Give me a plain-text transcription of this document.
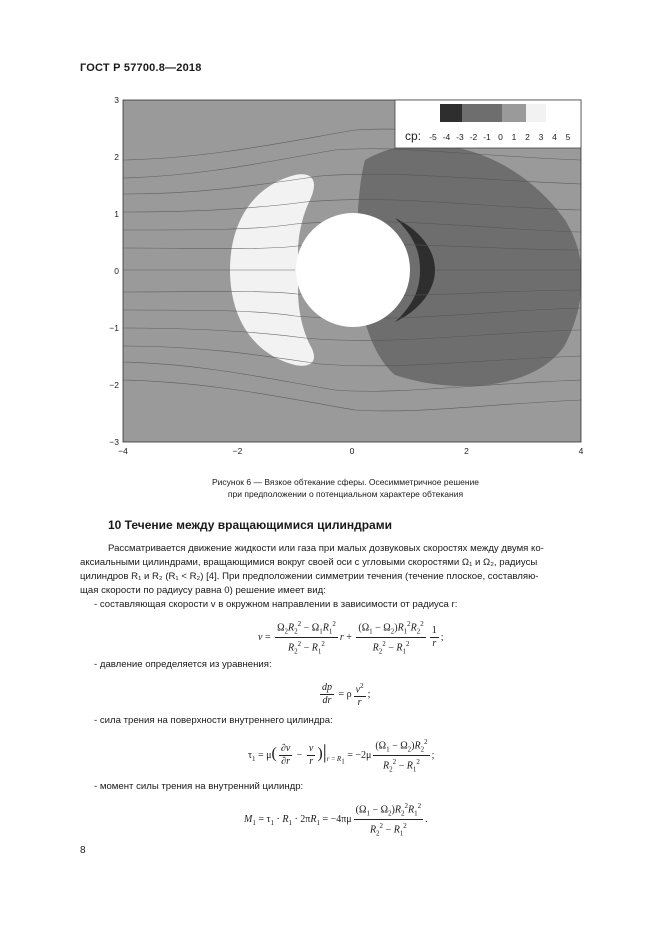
ГОСТ Р 57700.8—2018
cp: -5 -4 -3 -2 -1 0 1 2 3 4 5
−4	−2	0	2	4
3
2
1
0
−1
−2
−3
Рисунок 6 — Вязкое обтекание сферы. Осесимметричное решение
при предположении о потенциальном характере обтекания
10 Течение между вращающимися цилиндрами
Рассматривается движение жидкости или газа при малых дозвуковых скоростях между двумя ко-
аксиальными цилиндрами, вращающимися вокруг своей оси с угловыми скоростями Ω₁ и Ω₂, радиусы
цилиндров R₁ и R₂ (R₁ < R₂) [4]. При предположении симметрии течения (течение плоское, составляю-
щая скорости по радиусу равна 0) решение имеет вид:
- составляющая скорости v в окружном направлении в зависимости от радиуса r:
$v = \frac{\Omega_2R_2^2 - \Omega_1R_1^2}{R_2^2 - R_1^2}$ $r + \frac{(\Omega_1 - \Omega_2)R_1^2R_2^2}{R_2^2 - R_1^2} \frac{1}{r}$ ;
- давление определяется из уравнения:
$\frac{dp}{dr} = \rho \frac{v^2}{r}$ ;
- сила трения на поверхности внутреннего цилиндра:
$\tau_1 = \mu( \frac{\partial v}{\partial r} - \frac{v}{r} )|_{r = R_1} = -2\mu \frac{(\Omega_1 - \Omega_2)R_2^2}{R_2^2 - R_1^2}$ ;
- момент силы трения на внутренний цилиндр:
$M_1 = \tau_1 \cdot R_1 \cdot 2\pi R_1 = -4\pi\mu \frac{(\Omega_1 - \Omega_2)R_2^2R_1^2}{R_2^2 - R_1^2}$ .
8
